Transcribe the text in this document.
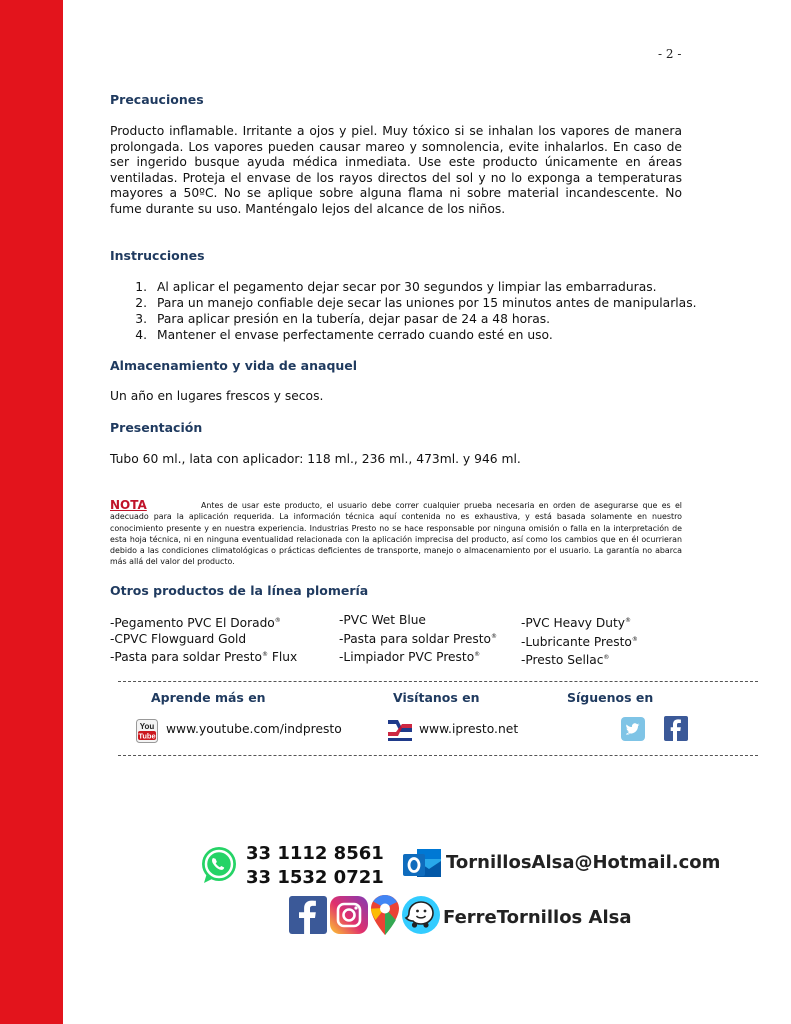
- 2 -
Precauciones

Producto inflamable. Irritante a ojos y piel. Muy tóxico si se inhalan los vapores de manera prolongada. Los vapores pueden causar mareo y somnolencia, evite inhalarlos. En caso de ser ingerido busque ayuda médica inmediata. Use este producto únicamente en áreas ventiladas. Proteja el envase de los rayos directos del sol y no lo exponga a temperaturas mayores a 50ºC. No se aplique sobre alguna flama ni sobre material incandescente. No fume durante su uso. Manténgalo lejos del alcance de los niños.

Instrucciones
1. Al aplicar el pegamento dejar secar por 30 segundos y limpiar las embarraduras.
2. Para un manejo confiable deje secar las uniones por 15 minutos antes de manipularlas.
3. Para aplicar presión en la tubería, dejar pasar de 24 a 48 horas.
4. Mantener el envase perfectamente cerrado cuando esté en uso.
Almacenamiento y vida de anaquel

Un año en lugares frescos y secos.

Presentación

Tubo 60 ml., lata con aplicador: 118 ml., 236 ml., 473ml. y 946 ml.

NOTA	Antes de usar este producto, el usuario debe correr cualquier prueba necesaria en orden de asegurarse que es el adecuado para la aplicación requerida. La información técnica aquí contenida no es exhaustiva, y está basada solamente en nuestro conocimiento presente y en nuestra experiencia. Industrias Presto no se hace responsable por ninguna omisión o falla en la interpretación de esta hoja técnica, ni en ninguna eventualidad relacionada con la aplicación imprecisa del producto, así como los cambios que en él ocurrieran debido a las condiciones climatológicas o prácticas deficientes de transporte, manejo o almacenamiento por el usuario. La garantía no abarca más allá del valor del producto.

Otros productos de la línea plomería
-Pegamento PVC El Dorado®
-CPVC Flowguard Gold
-Pasta para soldar Presto® Flux
-PVC Wet Blue
-Pasta para soldar Presto®
-Limpiador PVC Presto®
-PVC Heavy Duty®
-Lubricante Presto®
-Presto Sellac®
Aprende más en	Visítanos en	Síguenos en
You
Tube www.youtube.com/indpresto	www.ipresto.net
33 1112 8561
33 1532 0721
TornillosAlsa@Hotmail.com
FerreTornillos Alsa
